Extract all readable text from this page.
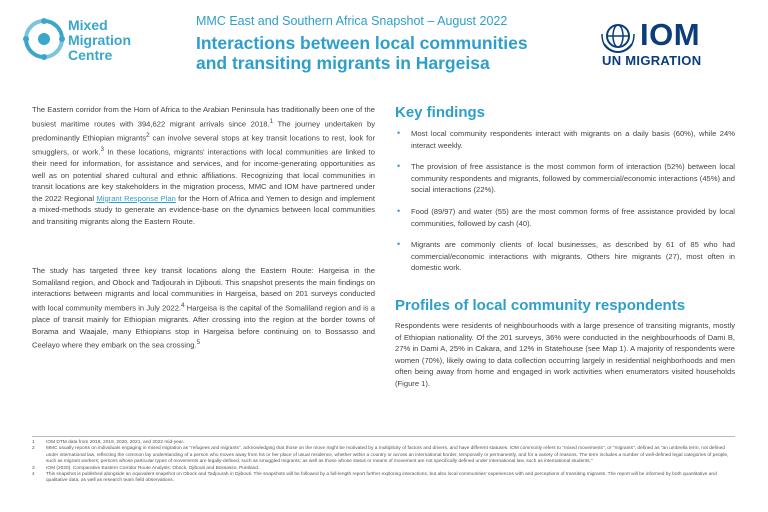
Mixed
Migration
Centre
MMC East and Southern Africa Snapshot – August 2022
Interactions between local communities
and transiting migrants in Hargeisa
IOM
UN MIGRATION
The Eastern corridor from the Horn of Africa to the Arabian Peninsula has traditionally been one of the busiest maritime routes with 394,622 migrant arrivals since 2018.$^1$ The journey undertaken by predominantly Ethiopian migrants$^2$ can involve several stops at key transit locations to rest, look for smugglers, or work.$^3$ In these locations, migrants' interactions with local communities are linked to their need for information, for assistance and services, and for income-generating opportunities as well as on potential shared cultural and ethnic affiliations. Recognizing that local communities in transit locations are key stakeholders in the migration process, MMC and IOM have partnered under the 2022 Regional Migrant Response Plan for the Horn of Africa and Yemen to design and implement a mixed-methods study to generate an evidence-base on the dynamics between local communities and transiting migrants along the Eastern Route.
The study has targeted three key transit locations along the Eastern Route: Hargeisa in the Somaliland region, and Obock and Tadjourah in Djibouti. This snapshot presents the main findings on interactions between migrants and local communities in Hargeisa, based on 201 surveys conducted with local community members in July 2022.$^4$ Hargeisa is the capital of the Somaliland region and is a place of transit mainly for Ethiopian migrants. After crossing into the region at the border towns of Borama and Waajale, many Ethiopians stop in Hargeisa before continuing on to Bossasso and Ceelayo where they embark on the sea crossing.$^5$
Key findings
• Most local community respondents interact with migrants on a daily basis (60%), while 24% interact weekly.
• The provision of free assistance is the most common form of interaction (52%) between local community respondents and migrants, followed by commercial/economic interactions (45%) and social interactions (22%).
• Food (89/97) and water (55) are the most common forms of free assistance provided by local communities, followed by cash (40).
• Migrants are commonly clients of local businesses, as described by 61 of 85 who had commercial/economic interactions with migrants. Others hire migrants (27), most often in domestic work.
Profiles of local community respondents
Respondents were residents of neighbourhoods with a large presence of transiting migrants, mostly of Ethiopian nationality. Of the 201 surveys, 36% were conducted in the neighbourhoods of Dami B, 27% in Dami A, 25% in Cakara, and 12% in Statehouse (see Map 1). A majority of respondents were women (70%), likely owing to data collection occurring largely in residential neighborhoods and men often being away from home and engaged in work activities when enumerators visited households (Figure 1).
1 IOM DTM data from 2018, 2019, 2020, 2021, and 2022 mid-year.
2 MMC usually reports on individuals engaging in mixed migration as "refugees and migrants", acknowledging that those on the move might be motivated by a multiplicity of factors and drivers, and have different statuses. IOM commonly refers to "mixed movements", or "migrants", defined as "an umbrella term, not defined under international law, reflecting the common lay understanding of a person who moves away from his or her place of usual residence, whether within a country or across an international border, temporarily or permanently, and for a variety of reasons. The term includes a number of well-defined legal categories of people, such as migrant workers; persons whose particular types of movements are legally-defined, such as smuggled migrants; as well as those whose status or means of movement are not specifically defined under international law, such as international students."
3 IOM (2020). Comparative Eastern Corridor Route Analysis: Obock, Djibouti and Bossasso, Puntland.
4 This snapshot is published alongside an equivalent snapshot on Obock and Tadjourah in Djibouti. The snapshots will be followed by a full-length report further exploring interactions, but also local communities' experiences with and perceptions of transiting migrants. The report will be informed by both quantitative and qualitative data, as well as research team field observations.
